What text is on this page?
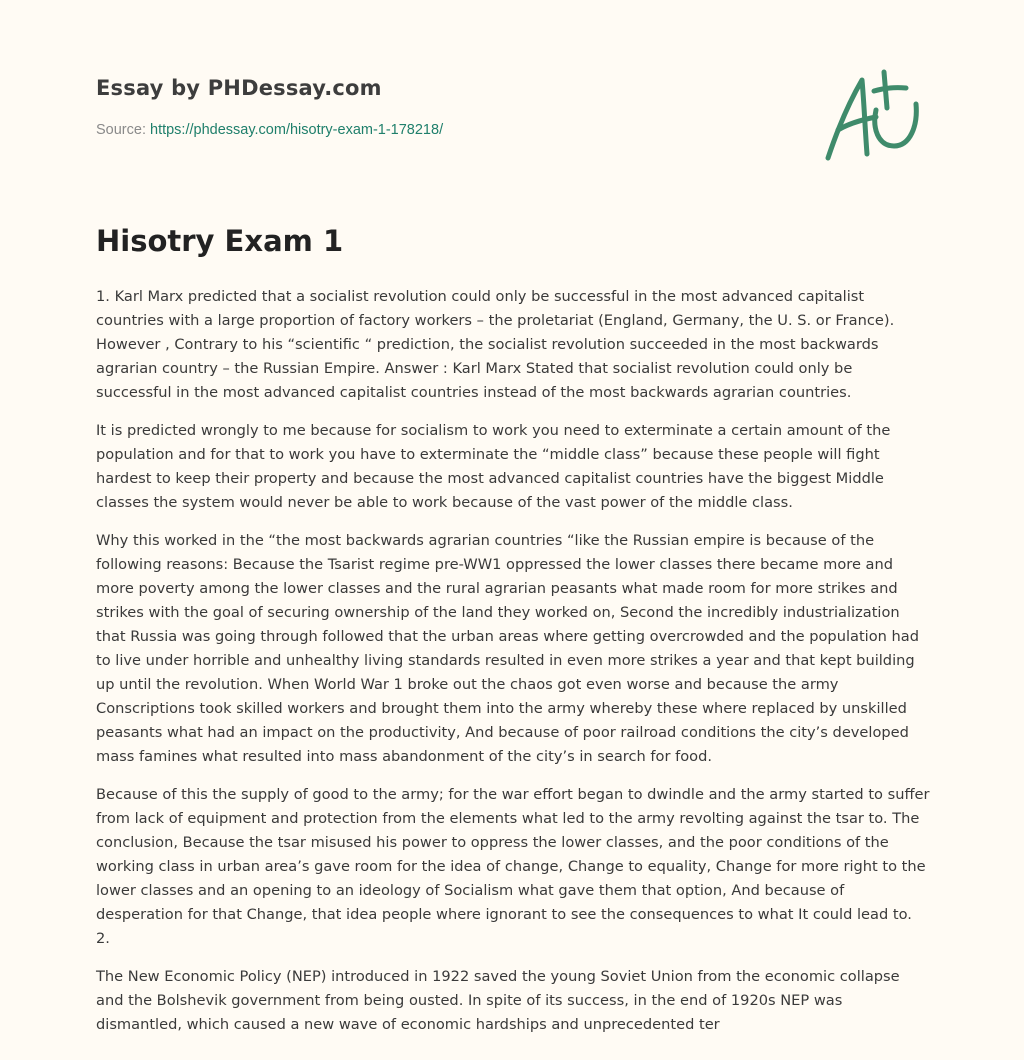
Essay by PHDessay.com
Source: https://phdessay.com/hisotry-exam-1-178218/
Hisotry Exam 1

1. Karl Marx predicted that a socialist revolution could only be successful in the most advanced capitalist countries with a large proportion of factory workers – the proletariat (England, Germany, the U. S. or France). However , Contrary to his “scientific “ prediction, the socialist revolution succeeded in the most backwards agrarian country – the Russian Empire. Answer : Karl Marx Stated that socialist revolution could only be successful in the most advanced capitalist countries instead of the most backwards agrarian countries.

It is predicted wrongly to me because for socialism to work you need to exterminate a certain amount of the population and for that to work you have to exterminate the “middle class” because these people will fight hardest to keep their property and because the most advanced capitalist countries have the biggest Middle classes the system would never be able to work because of the vast power of the middle class.

Why this worked in the “the most backwards agrarian countries “like the Russian empire is because of the following reasons: Because the Tsarist regime pre-WW1 oppressed the lower classes there became more and more poverty among the lower classes and the rural agrarian peasants what made room for more strikes and strikes with the goal of securing ownership of the land they worked on, Second the incredibly industrialization that Russia was going through followed that the urban areas where getting overcrowded and the population had to live under horrible and unhealthy living standards resulted in even more strikes a year and that kept building up until the revolution. When World War 1 broke out the chaos got even worse and because the army Conscriptions took skilled workers and brought them into the army whereby these where replaced by unskilled peasants what had an impact on the productivity, And because of poor railroad conditions the city’s developed mass famines what resulted into mass abandonment of the city’s in search for food.

Because of this the supply of good to the army; for the war effort began to dwindle and the army started to suffer from lack of equipment and protection from the elements what led to the army revolting against the tsar to. The conclusion, Because the tsar misused his power to oppress the lower classes, and the poor conditions of the working class in urban area’s gave room for the idea of change, Change to equality, Change for more right to the lower classes and an opening to an ideology of Socialism what gave them that option, And because of desperation for that Change, that idea people where ignorant to see the consequences to what It could lead to. 2.

The New Economic Policy (NEP) introduced in 1922 saved the young Soviet Union from the economic collapse and the Bolshevik government from being ousted. In spite of its success, in the end of 1920s NEP was dismantled, which caused a new wave of economic hardships and unprecedented ter
